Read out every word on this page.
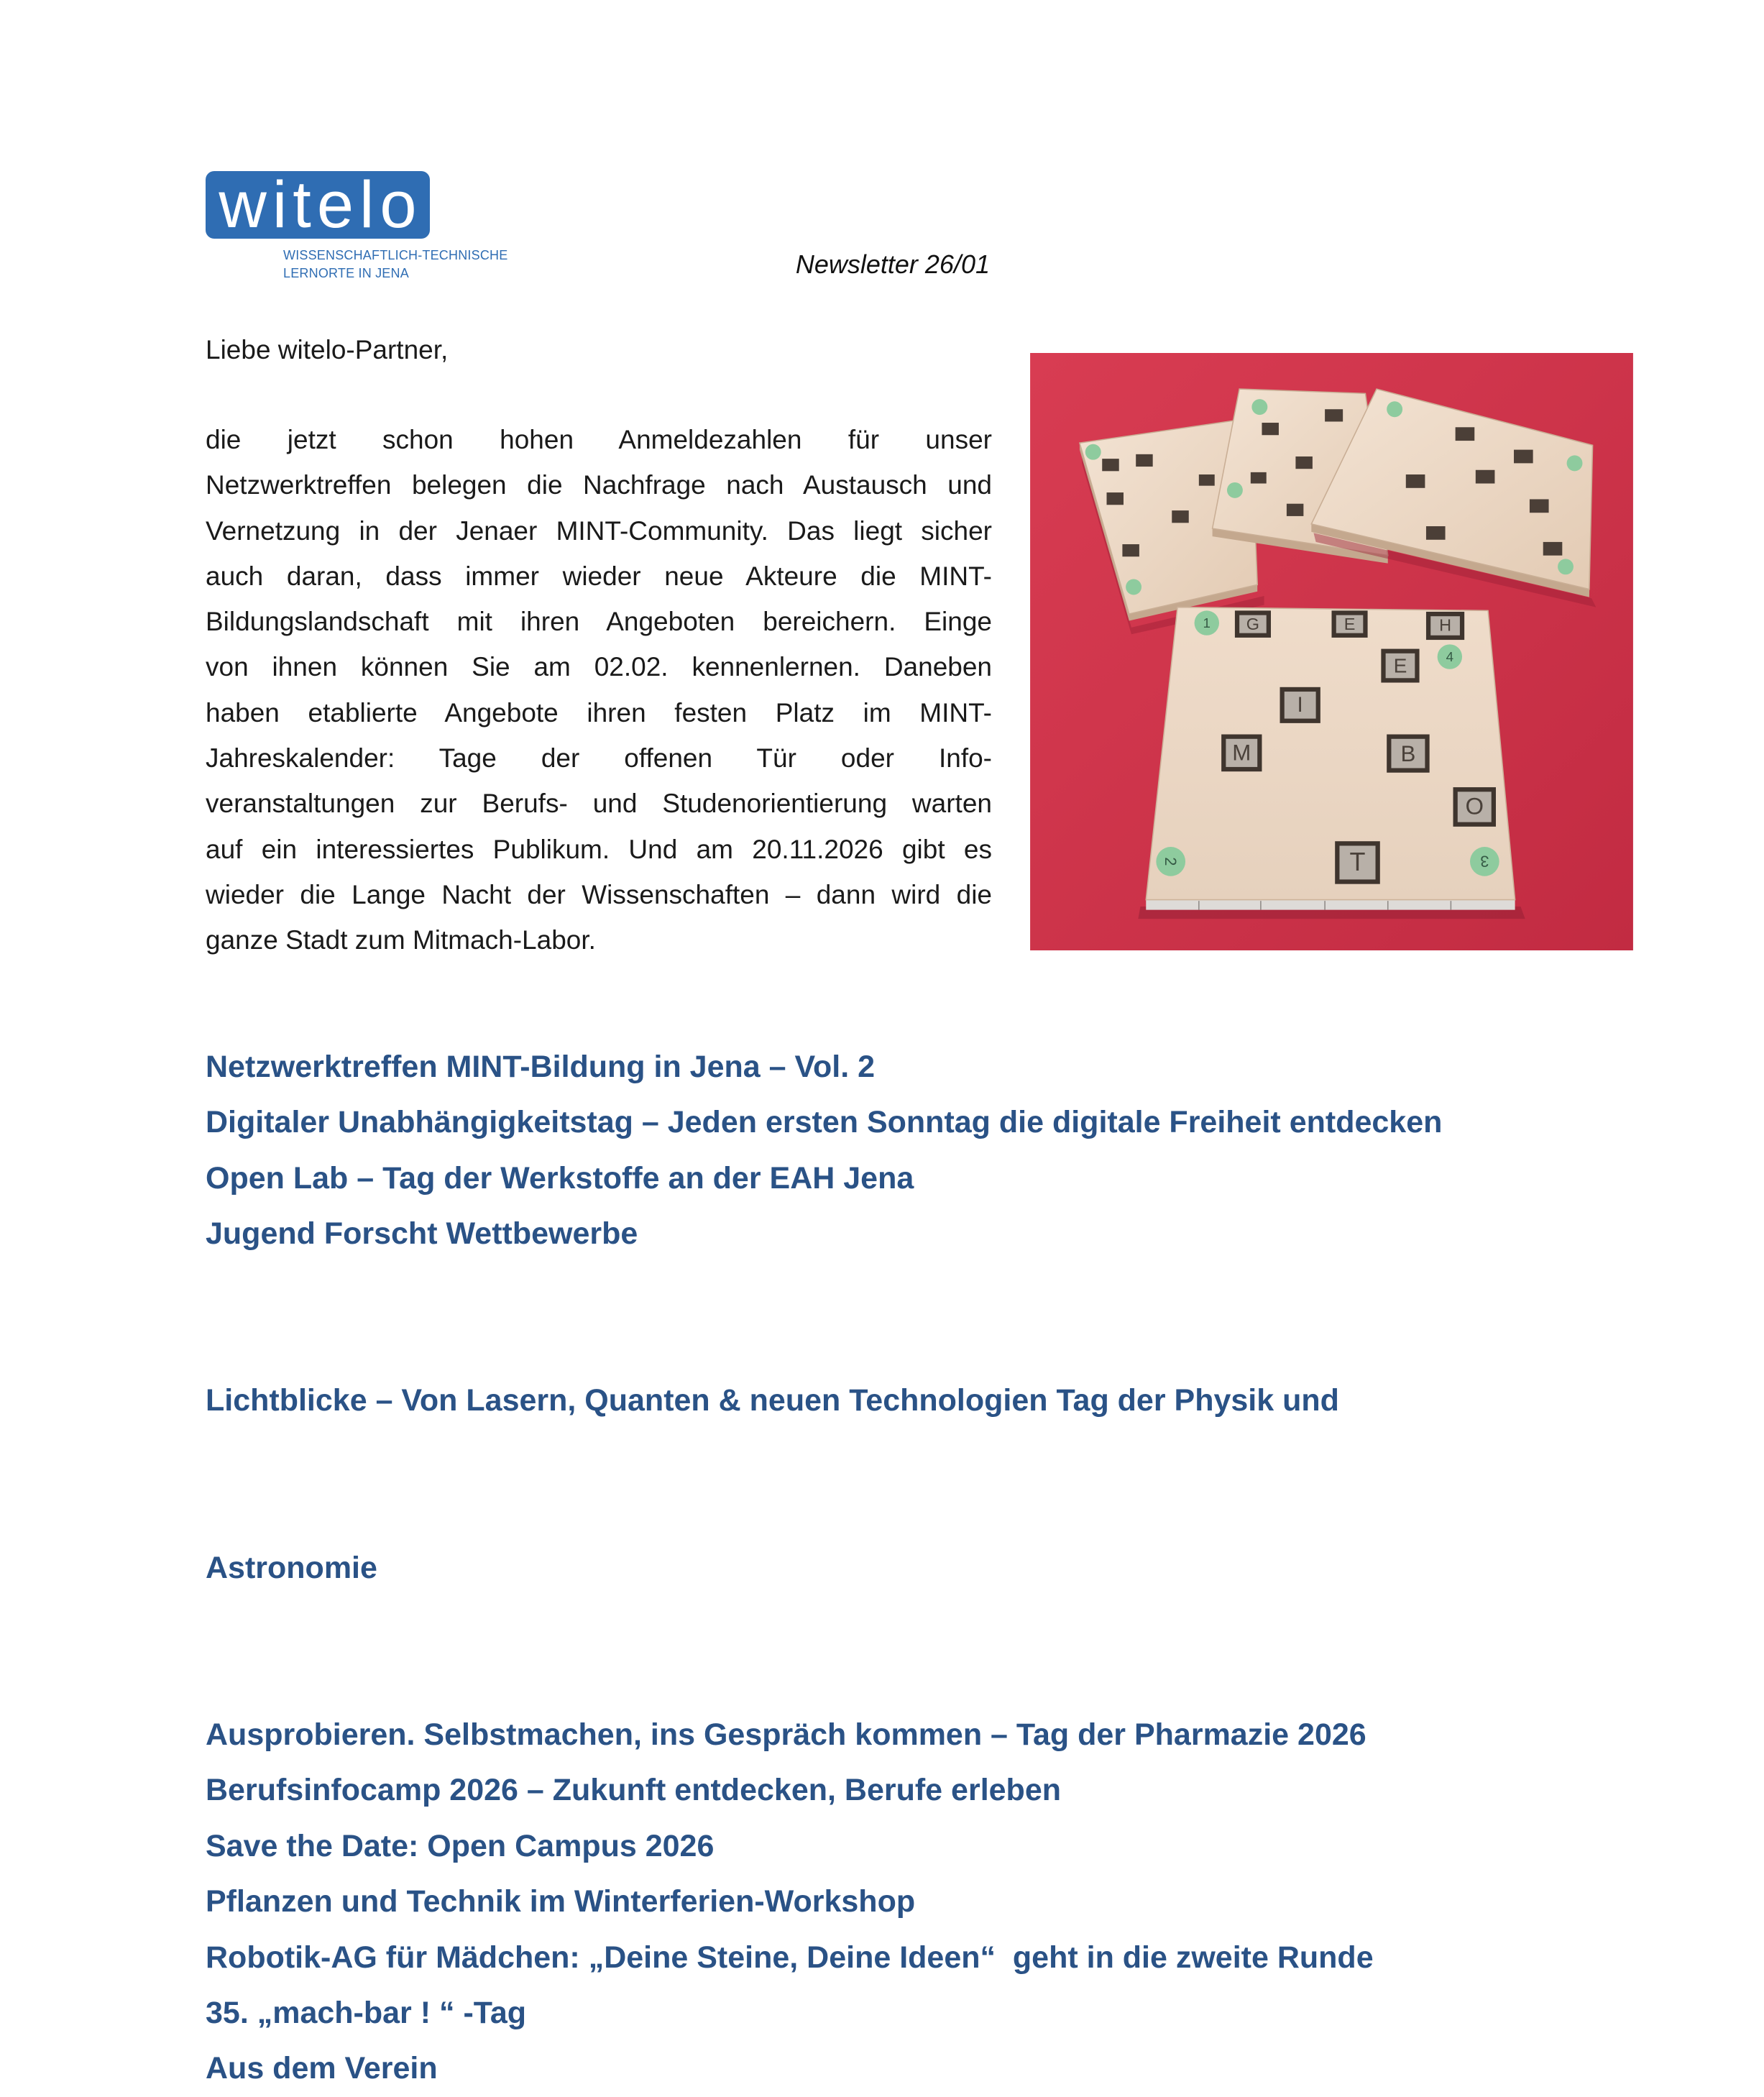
witelo
WISSENSCHAFTLICH-TECHNISCHE
LERNORTE IN JENA	Newsletter 26/01
Liebe witelo-Partner,
die jetzt schon hohen Anmeldezahlen für unser
Netzwerktreffen belegen die Nachfrage nach Austausch und
Vernetzung in der Jenaer MINT-Community. Das liegt sicher
auch daran, dass immer wieder neue Akteure die MINT-
Bildungslandschaft mit ihren Angeboten bereichern. Einge
von ihnen können Sie am 02.02. kennenlernen. Daneben
haben etablierte Angebote ihren festen Platz im MINT-
Jahreskalender: Tage der offenen Tür oder Info-
veranstaltungen zur Berufs- und Studenorientierung warten
auf ein interessiertes Publikum. Und am 20.11.2026 gibt es
wieder die Lange Nacht der Wissenschaften – dann wird die
ganze Stadt zum Mitmach-Labor.
G	E	H
E
I
M	B
O
T
1
4
2	3
Netzwerktreffen MINT-Bildung in Jena – Vol. 2
Digitaler Unabhängigkeitstag – Jeden ersten Sonntag die digitale Freiheit entdecken
Open Lab – Tag der Werkstoffe an der EAH Jena
Jugend Forscht Wettbewerbe

Lichtblicke – Von Lasern, Quanten & neuen Technologien Tag der Physik und

Astronomie

Ausprobieren. Selbstmachen, ins Gespräch kommen – Tag der Pharmazie 2026
Berufsinfocamp 2026 – Zukunft entdecken, Berufe erleben
Save the Date: Open Campus 2026
Pflanzen und Technik im Winterferien-Workshop
Robotik-AG für Mädchen: „Deine Steine, Deine Ideen“  geht in die zweite Runde
35. „mach-bar ! “ -Tag
Aus dem Verein
